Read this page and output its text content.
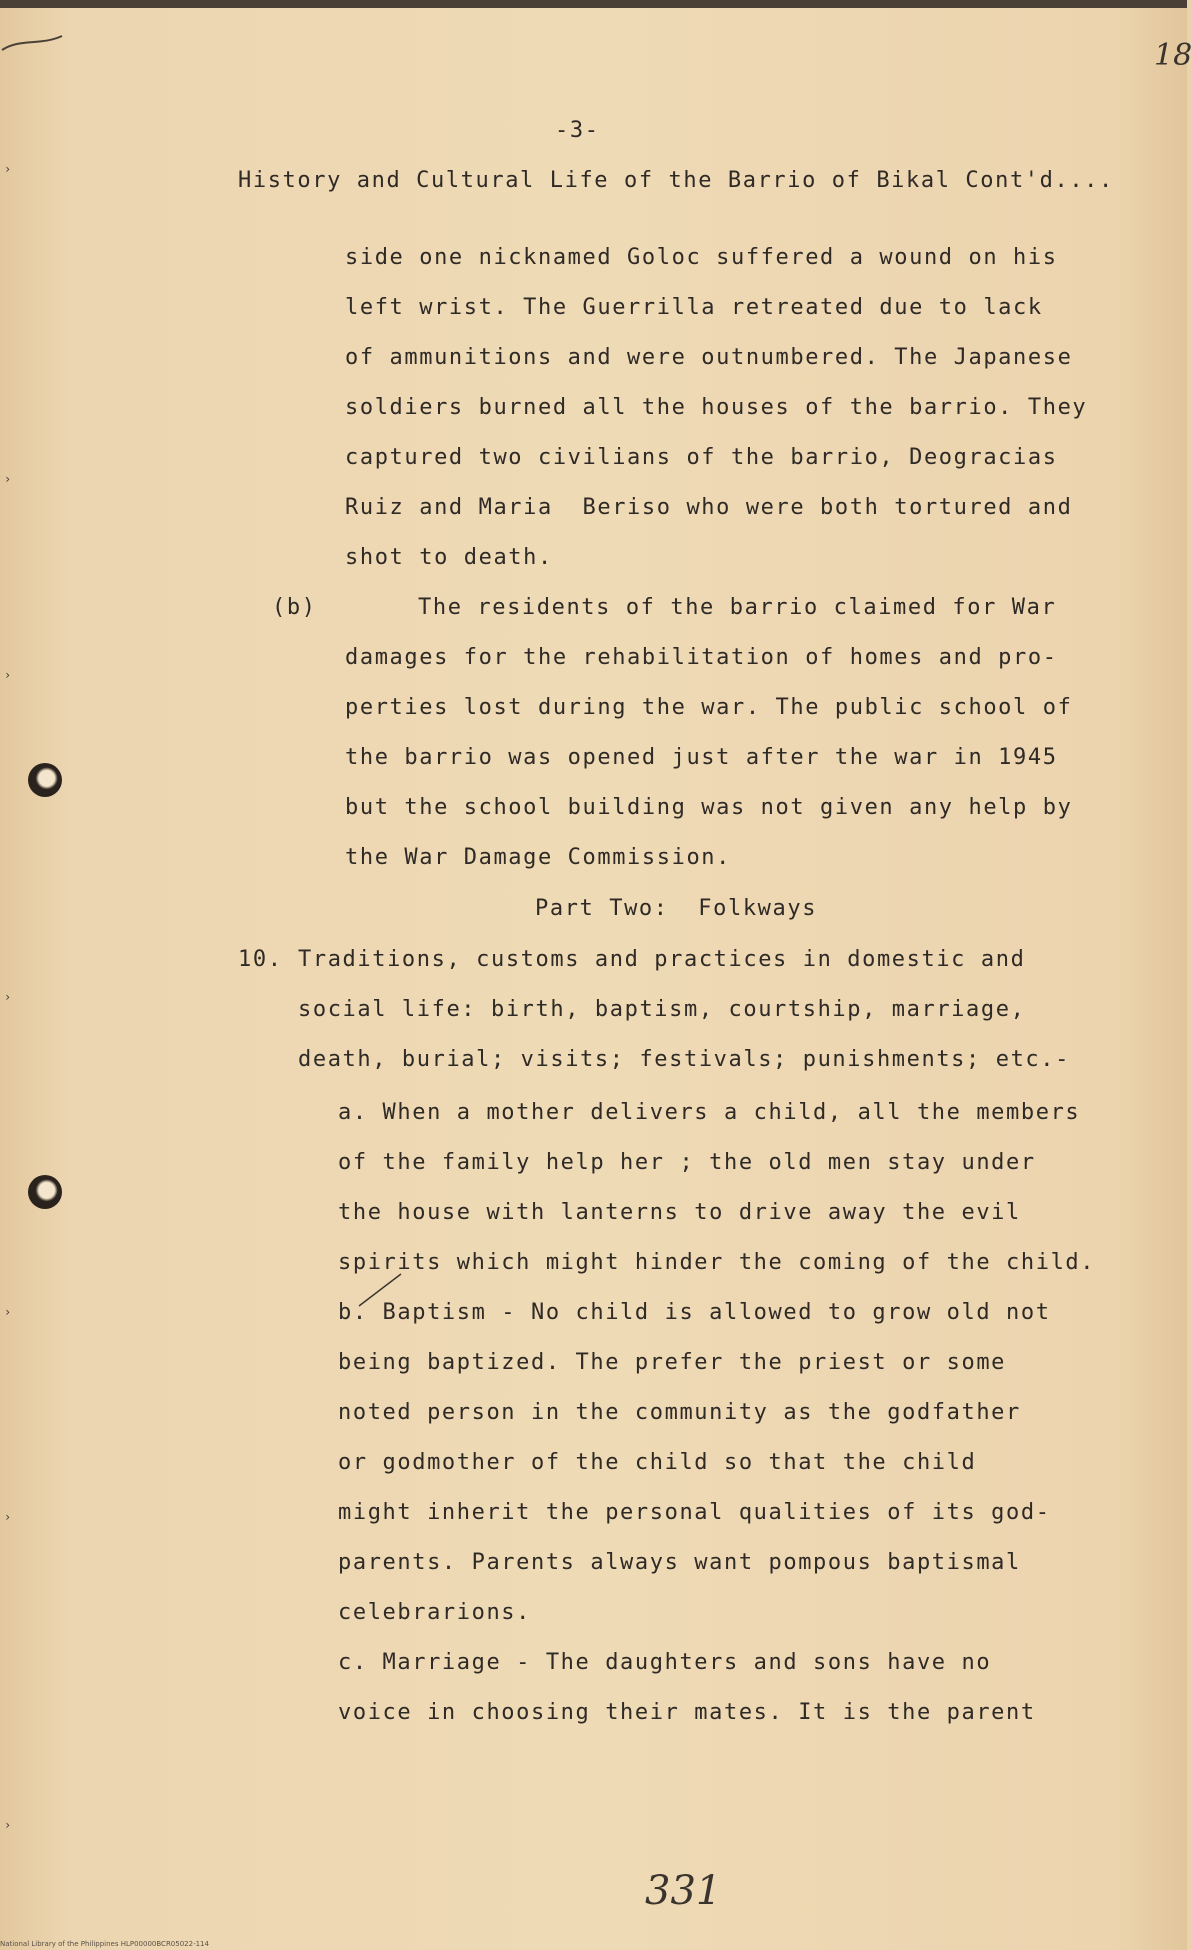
18
-3-
History and Cultural Life of the Barrio of Bikal Cont'd....
side one nicknamed Goloc suffered a wound on his
left wrist. The Guerrilla retreated due to lack
of ammunitions and were outnumbered. The Japanese
soldiers burned all the houses of the barrio. They
captured two civilians of the barrio, Deogracias
Ruiz and Maria  Beriso who were both tortured and
shot to death.
(b)	The residents of the barrio claimed for War
damages for the rehabilitation of homes and pro-
perties lost during the war. The public school of
the barrio was opened just after the war in 1945
but the school building was not given any help by
the War Damage Commission.
Part Two:  Folkways
10. Traditions, customs and practices in domestic and
social life: birth, baptism, courtship, marriage,
death, burial; visits; festivals; punishments; etc.-
a. When a mother delivers a child, all the members
of the family help her ; the old men stay under
the house with lanterns to drive away the evil
spirits which might hinder the coming of the child.
b. Baptism - No child is allowed to grow old not
being baptized. The prefer the priest or some
noted person in the community as the godfather
or godmother of the child so that the child
might inherit the personal qualities of its god-
parents. Parents always want pompous baptismal
celebrarions.
c. Marriage - The daughters and sons have no
voice in choosing their mates. It is the parent
›
›
›
›
›
›
›
331
National Library of the Philippines HLP00000BCR05022-114
